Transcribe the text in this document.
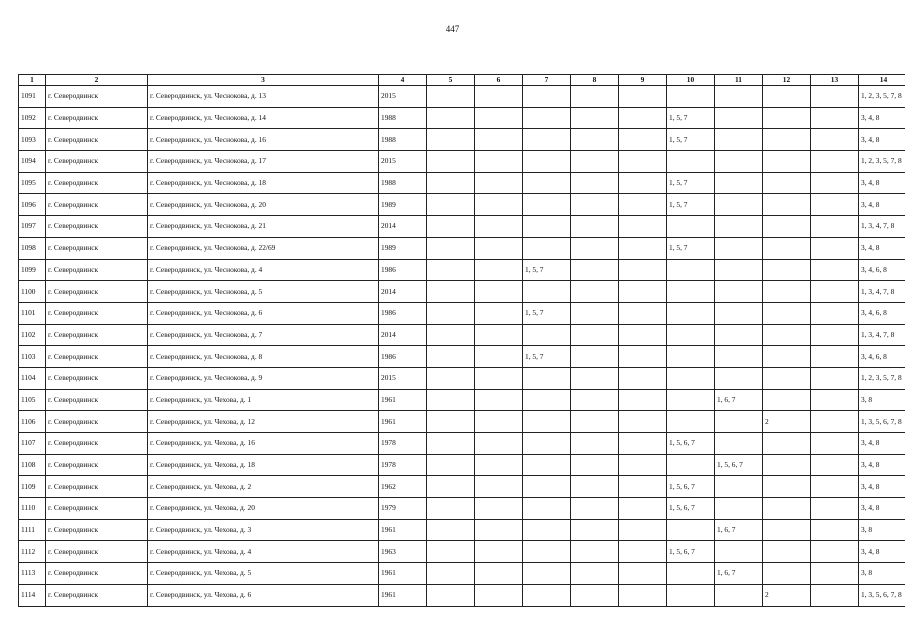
447
1	2	3	4	5	6	7	8	9	10	11	12	13	14
1091	г. Северодвинск	г. Северодвинск, ул. Чеснокова, д. 13	2015										1, 2, 3, 5, 7, 8
1092	г. Северодвинск	г. Северодвинск, ул. Чеснокова, д. 14	1988						1, 5, 7				3, 4, 8
1093	г. Северодвинск	г. Северодвинск, ул. Чеснокова, д. 16	1988						1, 5, 7				3, 4, 8
1094	г. Северодвинск	г. Северодвинск, ул. Чеснокова, д. 17	2015										1, 2, 3, 5, 7, 8
1095	г. Северодвинск	г. Северодвинск, ул. Чеснокова, д. 18	1988						1, 5, 7				3, 4, 8
1096	г. Северодвинск	г. Северодвинск, ул. Чеснокова, д. 20	1989						1, 5, 7				3, 4, 8
1097	г. Северодвинск	г. Северодвинск, ул. Чеснокова, д. 21	2014										1, 3, 4, 7, 8
1098	г. Северодвинск	г. Северодвинск, ул. Чеснокова, д. 22/69	1989						1, 5, 7				3, 4, 8
1099	г. Северодвинск	г. Северодвинск, ул. Чеснокова, д. 4	1986			1, 5, 7							3, 4, 6, 8
1100	г. Северодвинск	г. Северодвинск, ул. Чеснокова, д. 5	2014										1, 3, 4, 7, 8
1101	г. Северодвинск	г. Северодвинск, ул. Чеснокова, д. 6	1986			1, 5, 7							3, 4, 6, 8
1102	г. Северодвинск	г. Северодвинск, ул. Чеснокова, д. 7	2014										1, 3, 4, 7, 8
1103	г. Северодвинск	г. Северодвинск, ул. Чеснокова, д. 8	1986			1, 5, 7							3, 4, 6, 8
1104	г. Северодвинск	г. Северодвинск, ул. Чеснокова, д. 9	2015										1, 2, 3, 5, 7, 8
1105	г. Северодвинск	г. Северодвинск, ул. Чехова, д. 1	1961							1, 6, 7			3, 8
1106	г. Северодвинск	г. Северодвинск, ул. Чехова, д. 12	1961								2		1, 3, 5, 6, 7, 8
1107	г. Северодвинск	г. Северодвинск, ул. Чехова, д. 16	1978						1, 5, 6, 7				3, 4, 8
1108	г. Северодвинск	г. Северодвинск, ул. Чехова, д. 18	1978							1, 5, 6, 7			3, 4, 8
1109	г. Северодвинск	г. Северодвинск, ул. Чехова, д. 2	1962						1, 5, 6, 7				3, 4, 8
1110	г. Северодвинск	г. Северодвинск, ул. Чехова, д. 20	1979						1, 5, 6, 7				3, 4, 8
1111	г. Северодвинск	г. Северодвинск, ул. Чехова, д. 3	1961							1, 6, 7			3, 8
1112	г. Северодвинск	г. Северодвинск, ул. Чехова, д. 4	1963						1, 5, 6, 7				3, 4, 8
1113	г. Северодвинск	г. Северодвинск, ул. Чехова, д. 5	1961							1, 6, 7			3, 8
1114	г. Северодвинск	г. Северодвинск, ул. Чехова, д. 6	1961								2		1, 3, 5, 6, 7, 8
